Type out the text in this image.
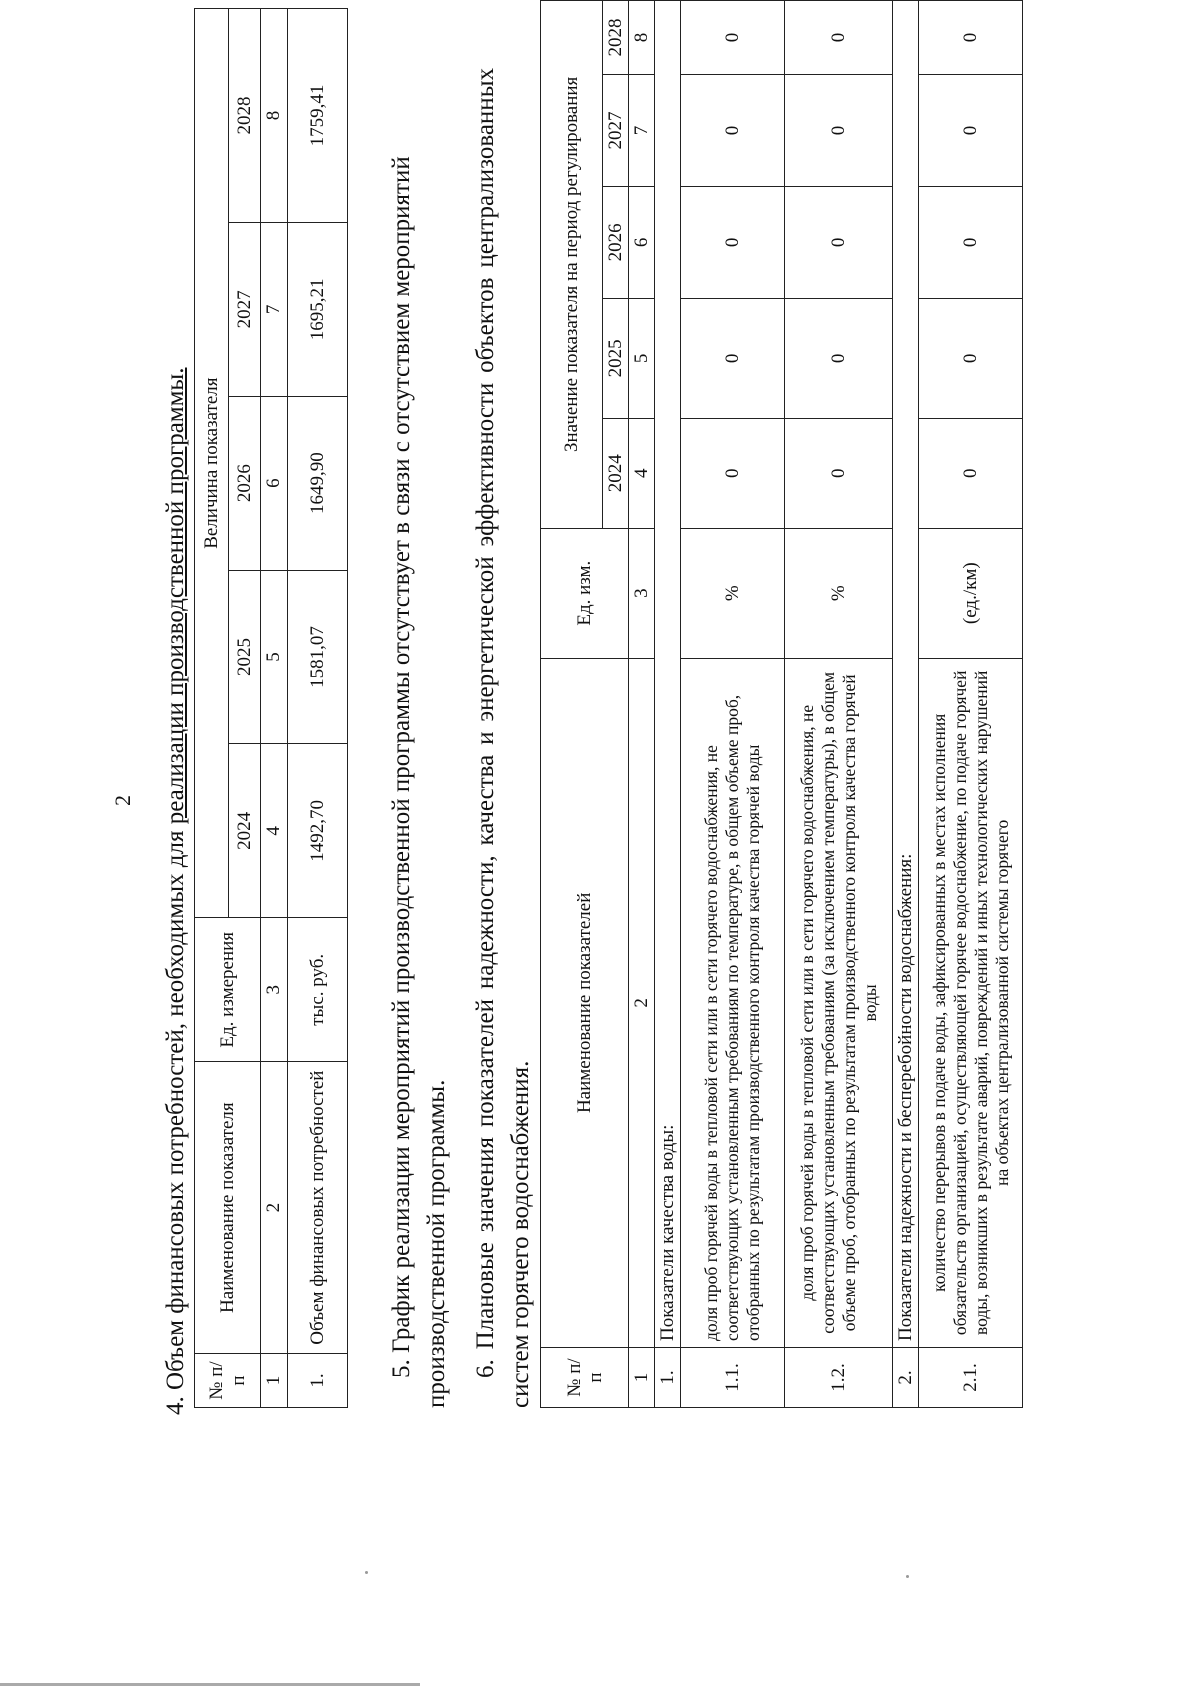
2
4. Объем финансовых потребностей, необходимых для реализации производственной программы.
№ п/п	Наименование показателя	Ед. измерения	Величина показателя				
			2024	2025	2026	2027	2028
1	2	3	4	5	6	7	8
1.	Объем финансовых потребностей	тыс. руб.	1492,70	1581,07	1649,90	1695,21	1759,41
5. График реализации мероприятий производственной программы отсутствует в связи с отсутствием мероприятий производственной программы. 6. Плановые значения показателей надежности, качества и энергетической эффективности объектов централизованных систем горячего водоснабжения. № п/п	Наименование показателей	Ед. изм.	Значение показателя на период регулирования				
			2024	2025	2026	2027	2028
1	2	3	4	5	6	7	8
1.	Показатели качества воды:						
1.1.	доля проб горячей воды в тепловой сети или в сети горячего водоснабжения, не соответствующих установленным требованиям по температуре, в общем объеме проб, отобранных по результатам производственного контроля качества горячей воды	%	0	0	0	0	0
1.2.	доля проб горячей воды в тепловой сети или в сети горячего водоснабжения, не соответствующих установленным требованиям (за исключением температуры), в общем объеме проб, отобранных по результатам производственного контроля качества горячей воды	%	0	0	0	0	0
2.	Показатели надежности и бесперебойности водоснабжения:						
2.1.	количество перерывов в подаче воды, зафиксированных в местах исполнения обязательств организацией, осуществляющей горячее водоснабжение, по подаче горячей воды, возникших в результате аварий, повреждений и иных технологических нарушений на объектах централизованной системы горячего	(ед./км)	0	0	0	0	0
